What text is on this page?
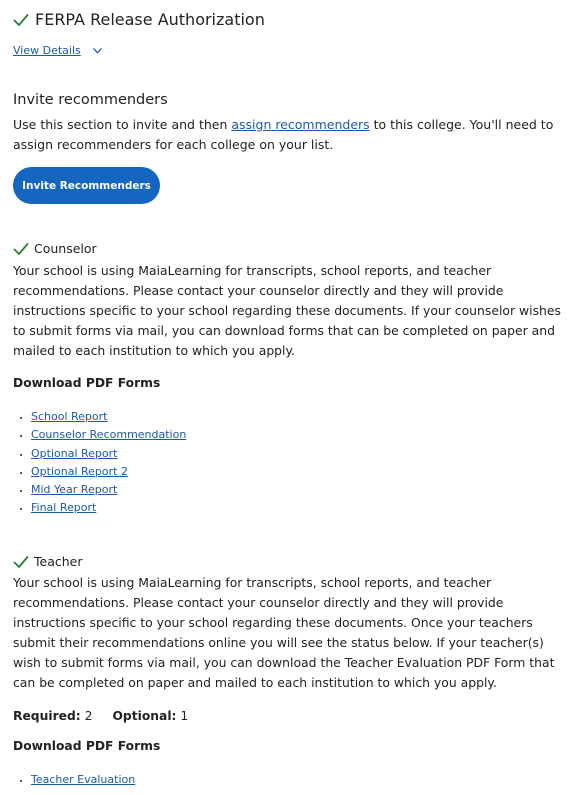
FERPA Release Authorization
View Details
Invite recommenders
Use this section to invite and then assign recommenders to this college. You'll need to assign recommenders for each college on your list.
Invite Recommenders
Counselor
Your school is using MaiaLearning for transcripts, school reports, and teacher recommendations. Please contact your counselor directly and they will provide instructions specific to your school regarding these documents. If your counselor wishes to submit forms via mail, you can download forms that can be completed on paper and mailed to each institution to which you apply.
Download PDF Forms
• School Report
• Counselor Recommendation
• Optional Report
• Optional Report 2
• Mid Year Report
• Final Report
Teacher
Your school is using MaiaLearning for transcripts, school reports, and teacher recommendations. Please contact your counselor directly and they will provide instructions specific to your school regarding these documents. Once your teachers submit their recommendations online you will see the status below. If your teacher(s) wish to submit forms via mail, you can download the Teacher Evaluation PDF Form that can be completed on paper and mailed to each institution to which you apply.
Required: 2 Optional: 1
Download PDF Forms
• Teacher Evaluation
